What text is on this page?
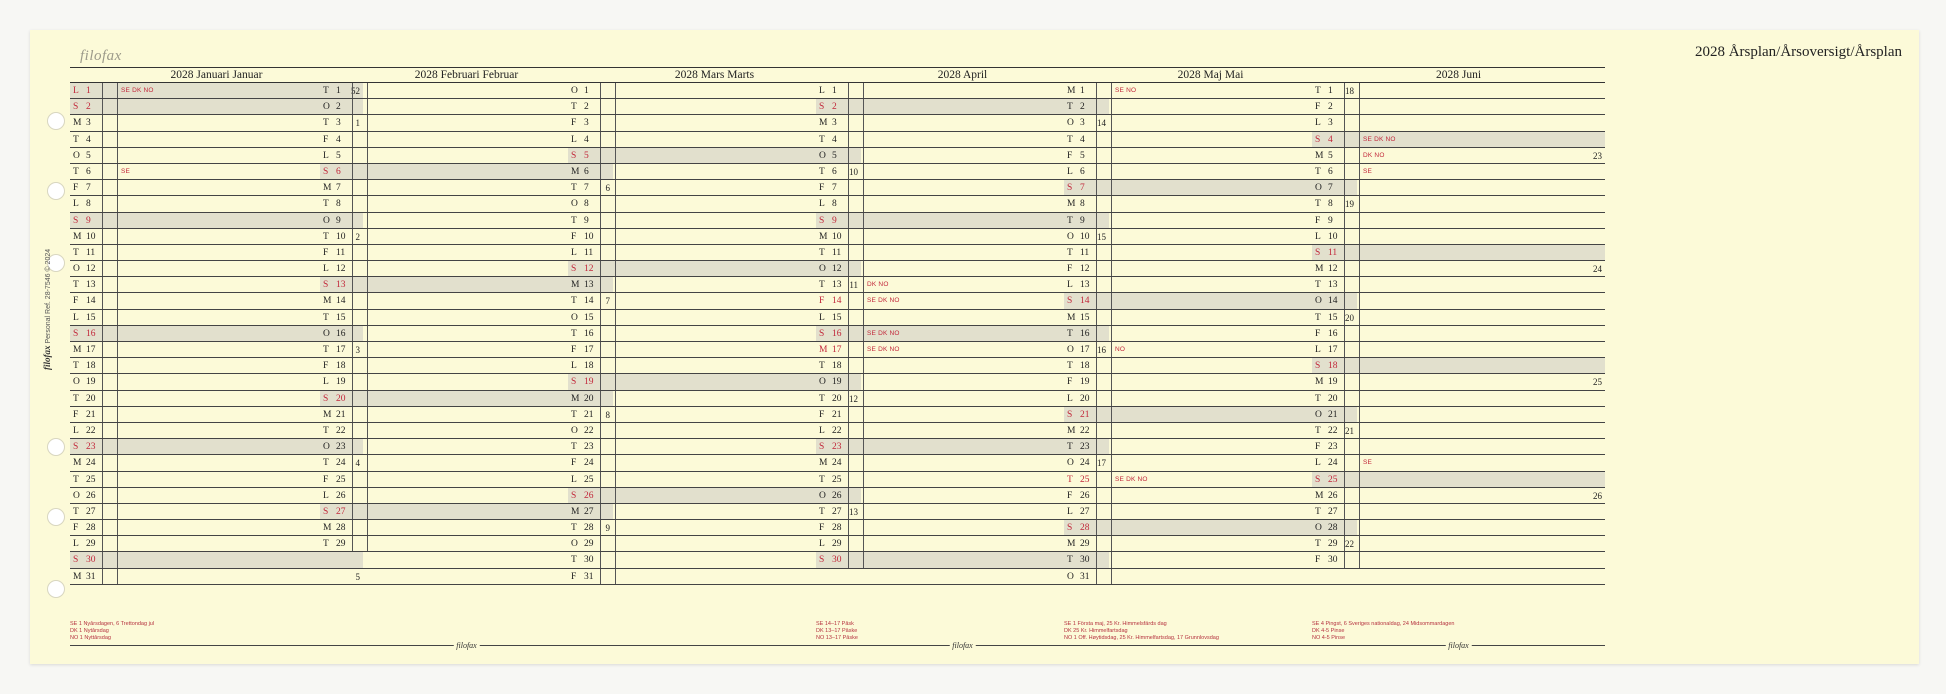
filofax	2028 Årsplan/Årsoversigt/Årsplan
filofax Personal Ref. 28-7546 © 2024
2028 Januari Januar
L 1	SE DK NO	52
S 2
M 3	1
T 4
O 5
T 6	SE
F 7
L 8
S 9
M 10	2
T 11
O 12
T 13
F 14
L 15
S 16
M 17	3
T 18
O 19
T 20
F 21
L 22
S 23
M 24	4
T 25
O 26
T 27
F 28
L 29
S 30
M 31	5
SE 1 Nyårsdagen, 6 Trettondag jul
DK 1 Nytårsdag
NO 1 Nyttårsdag
2028 Februari Februar
T 1
O 2
T 3
F 4
L 5
S 6
M 7	6
T 8
O 9
T 10
F 11
L 12
S 13
M 14	7
T 15
O 16
T 17
F 18
L 19
S 20
M 21	8
T 22
O 23
T 24
F 25
L 26
S 27
M 28	9
T 29
filofax
2028 Mars Marts
O 1
T 2
F 3
L 4
S 5
M 6	10
T 7
O 8
T 9
F 10
L 11
S 12
M 13	11
T 14
O 15
T 16
F 17
L 18
S 19
M 20	12
T 21
O 22
T 23
F 24
L 25
S 26
M 27	13
T 28
O 29
T 30
F 31
2028 April
L 1
S 2
M 3	14
T 4
O 5
T 6
F 7
L 8
S 9
M 10	15
T 11
O 12
T 13	DK NO
F 14	SE DK NO
L 15
S 16	SE DK NO
M 17	SE DK NO	16
T 18
O 19
T 20
F 21
L 22
S 23
M 24	17
T 25
O 26
T 27
F 28
L 29
S 30
SE 14–17 Påsk
DK 13–17 Påske
NO 13–17 Påske
filofax
2028 Maj Mai
M 1	SE NO	18
T 2
O 3
T 4
F 5
L 6
S 7
M 8	19
T 9
O 10
T 11
F 12
L 13
S 14
M 15	20
T 16
O 17	NO
T 18
F 19
L 20
S 21
M 22	21
T 23
O 24
T 25	SE DK NO
F 26
L 27
S 28
M 29	22
T 30
O 31
SE 1 Första maj, 25 Kr. Himmelsfärds dag
DK 25 Kr. Himmelfartsdag
NO 1 Off. Høytidsdag, 25 Kr. Himmelfartsdag, 17 Grunnlovsdag
2028 Juni
T 1
F 2
L 3
S 4	SE DK NO
M 5	DK NO	23
T 6	SE
O 7
T 8
F 9
L 10
S 11
M 12	24
T 13
O 14
T 15
F 16
L 17
S 18
M 19	25
T 20
O 21
T 22
F 23
L 24	SE
S 25
M 26	26
T 27
O 28
T 29
F 30
SE 4 Pingst, 6 Sveriges nationaldag, 24 Midsommardagen
DK 4-5 Pinse
NO 4-5 Pinse
filofax
